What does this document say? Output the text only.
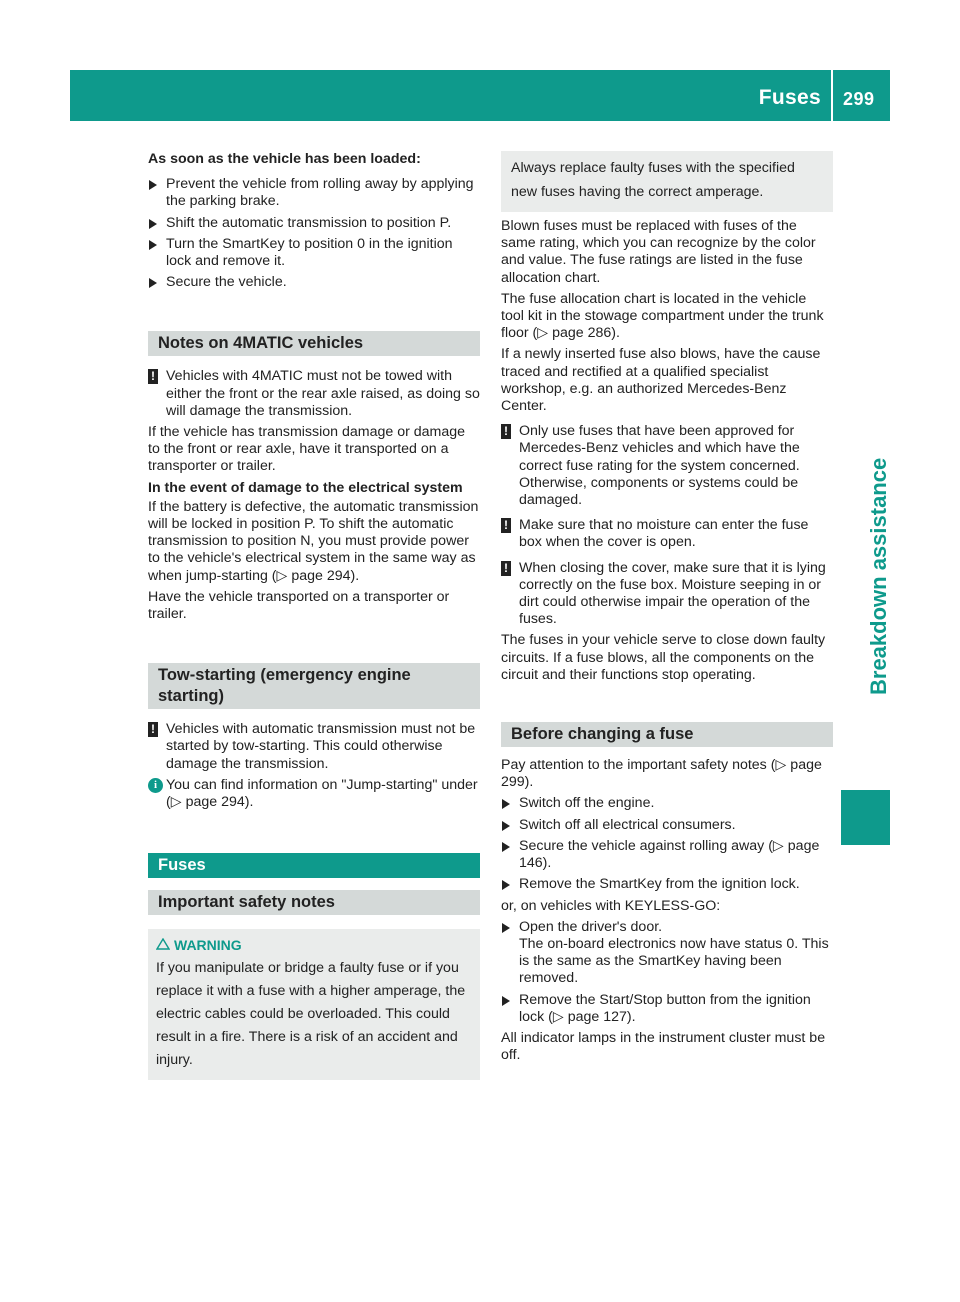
Fuses 299
Breakdown assistance

As soon as the vehicle has been loaded:

Prevent the vehicle from rolling away by applying the parking brake.
Shift the automatic transmission to position P.
Turn the SmartKey to position 0 in the ignition lock and remove it.
Secure the vehicle.
Notes on 4MATIC vehicles
! Vehicles with 4MATIC must not be towed with either the front or the rear axle raised, as doing so will damage the transmission.

If the vehicle has transmission damage or damage to the front or rear axle, have it transported on a transporter or trailer.

In the event of damage to the electrical system

If the battery is defective, the automatic transmission will be locked in position P. To shift the automatic transmission to position N, you must provide power to the vehicle's electrical system in the same way as when jump-starting (▷ page 294).

Have the vehicle transported on a transporter or trailer.

Tow-starting (emergency engine starting)
! Vehicles with automatic transmission must not be started by tow-starting. This could otherwise damage the transmission.
i You can find information on "Jump-starting" under (▷ page 294).
Fuses
Important safety notes
WARNING
If you manipulate or bridge a faulty fuse or if you replace it with a fuse with a higher amperage, the electric cables could be overloaded. This could result in a fire. There is a risk of an accident and injury.
Always replace faulty fuses with the specified new fuses having the correct amperage.

Blown fuses must be replaced with fuses of the same rating, which you can recognize by the color and value. The fuse ratings are listed in the fuse allocation chart.

The fuse allocation chart is located in the vehicle tool kit in the stowage compartment under the trunk floor (▷ page 286).

If a newly inserted fuse also blows, have the cause traced and rectified at a qualified specialist workshop, e.g. an authorized Mercedes-Benz Center.

! Only use fuses that have been approved for Mercedes-Benz vehicles and which have the correct fuse rating for the system concerned. Otherwise, components or systems could be damaged.
! Make sure that no moisture can enter the fuse box when the cover is open.
! When closing the cover, make sure that it is lying correctly on the fuse box. Moisture seeping in or dirt could otherwise impair the operation of the fuses.

The fuses in your vehicle serve to close down faulty circuits. If a fuse blows, all the components on the circuit and their functions stop operating.

Before changing a fuse

Pay attention to the important safety notes (▷ page 299).

Switch off the engine.
Switch off all electrical consumers.
Secure the vehicle against rolling away (▷ page 146).
Remove the SmartKey from the ignition lock.

or, on vehicles with KEYLESS-GO:

Open the driver's door.
The on-board electronics now have status 0. This is the same as the SmartKey having been removed.
Remove the Start/Stop button from the ignition lock (▷ page 127).

All indicator lamps in the instrument cluster must be off.
